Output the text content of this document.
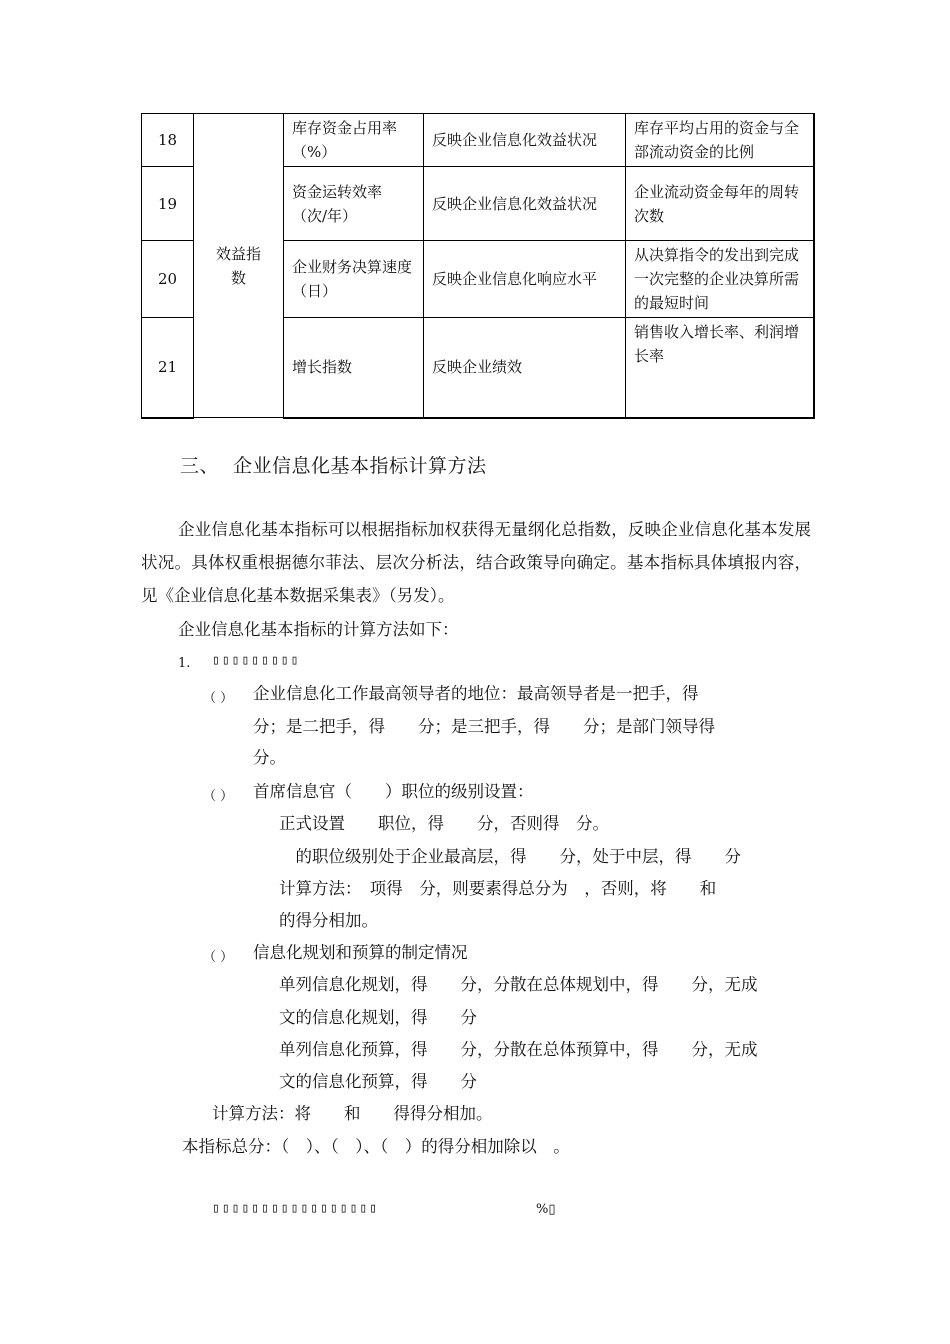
18	效益指数	库存资金占用率（%）	反映企业信息化效益状况	库存平均占用的资金与全部流动资金的比例
19		资金运转效率（次/年）	反映企业信息化效益状况	企业流动资金每年的周转次数
20		企业财务决算速度（日）	反映企业信息化响应水平	从决算指令的发出到完成一次完整的企业决算所需的最短时间
21		增长指数	反映企业绩效	销售收入增长率、利润增长率
三、 企业信息化基本指标计算方法
企业信息化基本指标可以根据指标加权获得无量纲化总指数，反映企业信息化基本发展状况。具体权重根据德尔菲法、层次分析法，结合政策导向确定。基本指标具体填报内容，见《企业信息化基本数据采集表》（另发）。
企业信息化基本指标的计算方法如下：
1. ▯▯▯▯▯▯▯▯▯
（ ） 企业信息化工作最高领导者的地位：最高领导者是一把手，得
分；是二把手，得　　分；是三把手，得　　分；是部门领导得
分。
（ ） 首席信息官（　　）职位的级别设置：
正式设置　　职位，得　　分，否则得　分。
　的职位级别处于企业最高层，得　　分，处于中层，得　　分
计算方法：　项得　分，则要素得总分为　，否则，将　　和
的得分相加。
（ ） 信息化规划和预算的制定情况
单列信息化规划，得　　分，分散在总体规划中，得　　分，无成
文的信息化规划，得　　分
单列信息化预算，得　　分，分散在总体预算中，得　　分，无成
文的信息化预算，得　　分
计算方法：将　　和　　得得分相加。
本指标总分：（　）、（　）、（　）的得分相加除以　。
▯▯▯▯▯▯▯▯▯▯▯▯▯▯▯▯▯	%▯
